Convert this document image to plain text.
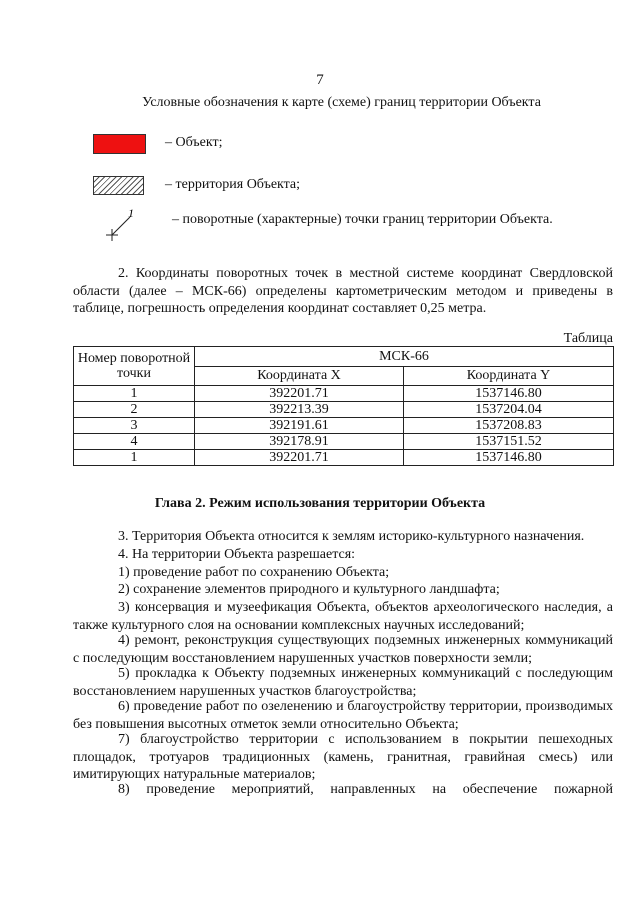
7
Условные обозначения к карте (схеме) границ территории Объекта
– Объект;
– территория Объекта;
1	– поворотные (характерные) точки границ территории Объекта.
2. Координаты поворотных точек в местной системе координат Свердловской области (далее – МСК-66) определены картометрическим методом и приведены в таблице, погрешность определения координат составляет 0,25 метра.
Таблица
Номер поворотной точки	МСК-66	
	Координата X	Координата Y
1	392201.71	1537146.80
2	392213.39	1537204.04
3	392191.61	1537208.83
4	392178.91	1537151.52
1	392201.71	1537146.80
Глава 2. Режим использования территории Объекта
3. Территория Объекта относится к землям историко-культурного назначения.
4. На территории Объекта разрешается:
1) проведение работ по сохранению Объекта;
2) сохранение элементов природного и культурного ландшафта;
3) консервация и музеефикация Объекта, объектов археологического наследия, а также культурного слоя на основании комплексных научных исследований;
4) ремонт, реконструкция существующих подземных инженерных коммуникаций с последующим восстановлением нарушенных участков поверхности земли;
5) прокладка к Объекту подземных инженерных коммуникаций с последующим восстановлением нарушенных участков благоустройства;
6) проведение работ по озеленению и благоустройству территории, производимых без повышения высотных отметок земли относительно Объекта;
7) благоустройство территории с использованием в покрытии пешеходных площадок, тротуаров традиционных (камень, гранитная, гравийная смесь) или имитирующих натуральные материалов;
8) проведение мероприятий, направленных на обеспечение пожарной
